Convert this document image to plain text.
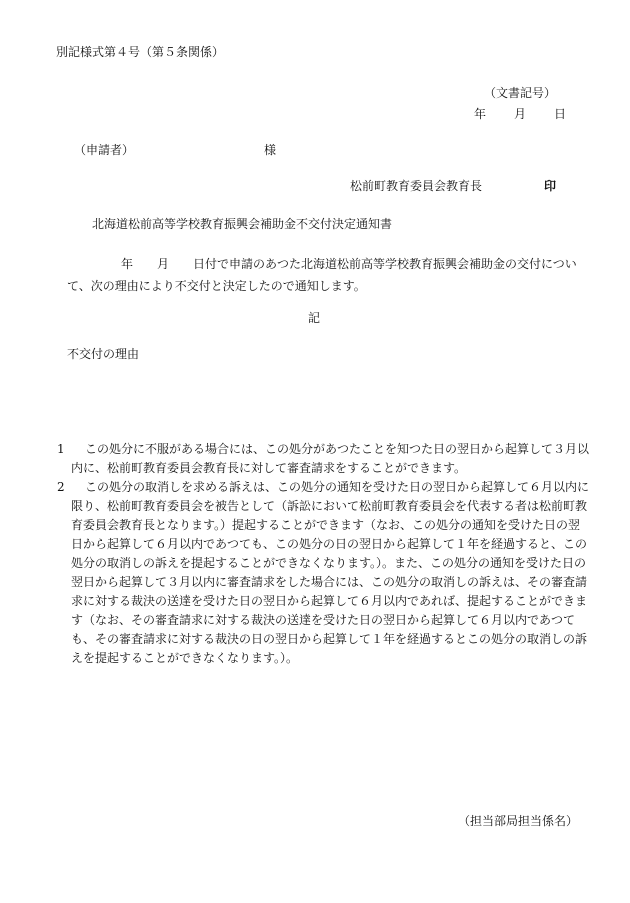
別記様式第４号（第５条関係）
（文書記号）
年 月 日
（申請者）	様
松前町教育委員会教育長	印
北海道松前高等学校教育振興会補助金不交付決定通知書
年 月 日付で申請のあつた北海道松前高等学校教育振興会補助金の交付について、次の理由により不交付と決定したので通知します。
記
不交付の理由
1 この処分に不服がある場合には、この処分があつたことを知つた日の翌日から起算して３月以内に、松前町教育委員会教育長に対して審査請求をすることができます。
2 この処分の取消しを求める訴えは、この処分の通知を受けた日の翌日から起算して６月以内に限り、松前町教育委員会を被告として（訴訟において松前町教育委員会を代表する者は松前町教育委員会教育長となります。）提起することができます（なお、この処分の通知を受けた日の翌日から起算して６月以内であつても、この処分の日の翌日から起算して１年を経過すると、この処分の取消しの訴えを提起することができなくなります。）。また、この処分の通知を受けた日の翌日から起算して３月以内に審査請求をした場合には、この処分の取消しの訴えは、その審査請求に対する裁決の送達を受けた日の翌日から起算して６月以内であれば、提起することができます（なお、その審査請求に対する裁決の送達を受けた日の翌日から起算して６月以内であつても、その審査請求に対する裁決の日の翌日から起算して１年を経過するとこの処分の取消しの訴えを提起することができなくなります。）。
（担当部局担当係名）
